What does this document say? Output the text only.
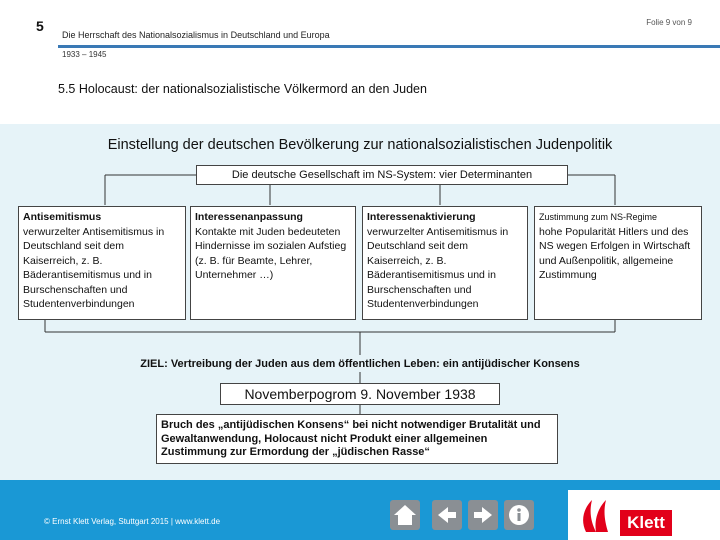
5	Folie 9 von 9
Die Herrschaft des Nationalsozialismus in Deutschland und Europa
1933 – 1945
5.5 Holocaust: der nationalsozialistische Völkermord an den Juden
Einstellung der deutschen Bevölkerung zur nationalsozialistischen Judenpolitik
Die deutsche Gesellschaft im NS-System: vier Determinanten
Antisemitismus
verwurzelter Antisemitismus in Deutschland seit dem Kaiserreich, z. B. Bäderantisemitismus und in Burschenschaften und Studentenverbindungen
Interessenanpassung
Kontakte mit Juden bedeuteten Hindernisse im sozialen Aufstieg (z. B. für Beamte, Lehrer, Unternehmer …)
Interessenaktivierung
verwurzelter Antisemitismus in Deutschland seit dem Kaiserreich, z. B. Bäderantisemitismus und in Burschenschaften und Studentenverbindungen
Zustimmung zum NS-Regime
hohe Popularität Hitlers und des NS wegen Erfolgen in Wirtschaft und Außenpolitik, allgemeine Zustimmung
ZIEL: Vertreibung der Juden aus dem öffentlichen Leben: ein antijüdischer Konsens
Novemberpogrom 9. November 1938
Bruch des „antijüdischen Konsens“ bei nicht notwendiger Brutalität und Gewaltanwendung, Holocaust nicht Produkt einer allgemeinen Zustimmung zur Ermordung der „jüdischen Rasse“
© Ernst Klett Verlag, Stuttgart 2015 | www.klett.de	Klett
